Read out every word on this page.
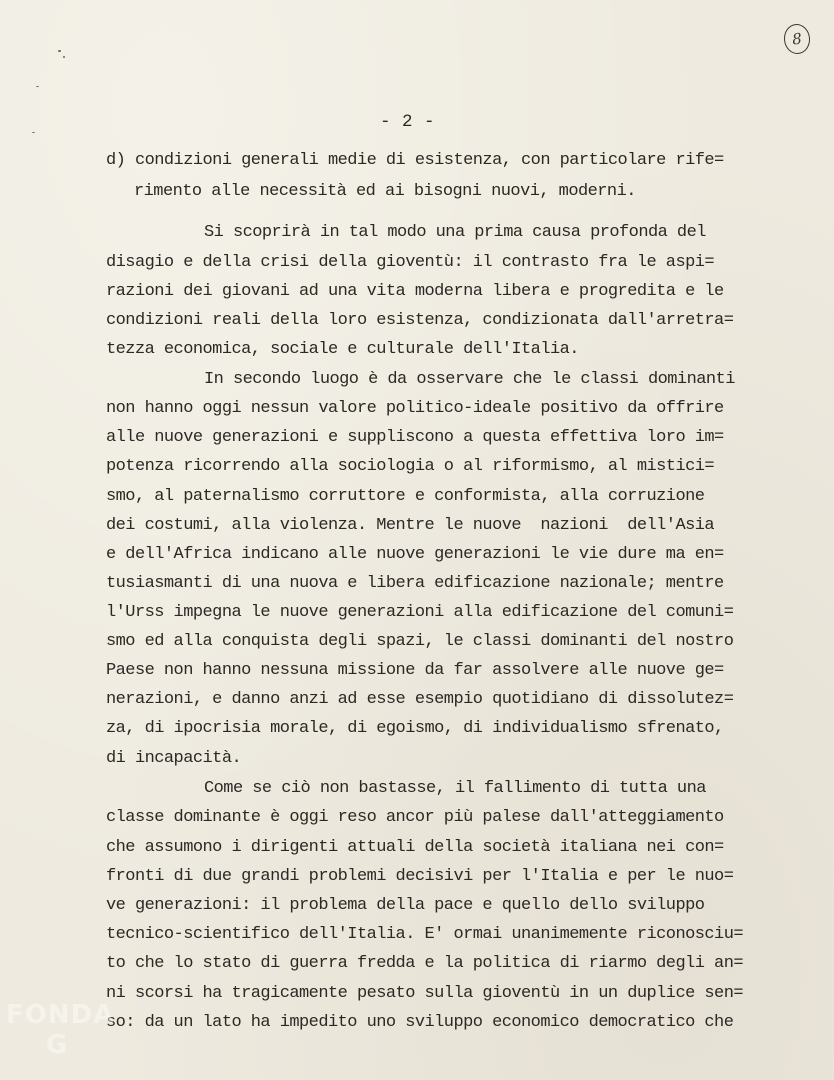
8
- 2 -
d) condizioni generali medie di esistenza, con particolare rife=
rimento alle necessità ed ai bisogni nuovi, moderni.
Si scoprirà in tal modo una prima causa profonda del
disagio e della crisi della gioventù: il contrasto fra le aspi=
razioni dei giovani ad una vita moderna libera e progredita e le
condizioni reali della loro esistenza, condizionata dall'arretra=
tezza economica, sociale e culturale dell'Italia.
In secondo luogo è da osservare che le classi dominanti
non hanno oggi nessun valore politico-ideale positivo da offrire
alle nuove generazioni e suppliscono a questa effettiva loro im=
potenza ricorrendo alla sociologia o al riformismo, al mistici=
smo, al paternalismo corruttore e conformista, alla corruzione
dei costumi, alla violenza. Mentre le nuove  nazioni  dell'Asia
e dell'Africa indicano alle nuove generazioni le vie dure ma en=
tusiasmanti di una nuova e libera edificazione nazionale; mentre
l'Urss impegna le nuove generazioni alla edificazione del comuni=
smo ed alla conquista degli spazi, le classi dominanti del nostro
Paese non hanno nessuna missione da far assolvere alle nuove ge=
nerazioni, e danno anzi ad esse esempio quotidiano di dissolutez=
za, di ipocrisia morale, di egoismo, di individualismo sfrenato,
di incapacità.
Come se ciò non bastasse, il fallimento di tutta una
classe dominante è oggi reso ancor più palese dall'atteggiamento
che assumono i dirigenti attuali della società italiana nei con=
fronti di due grandi problemi decisivi per l'Italia e per le nuo=
ve generazioni: il problema della pace e quello dello sviluppo
tecnico-scientifico dell'Italia. E' ormai unanimemente riconosciu=
to che lo stato di guerra fredda e la politica di riarmo degli an=
ni scorsi ha tragicamente pesato sulla gioventù in un duplice sen=
so: da un lato ha impedito uno sviluppo economico democratico che
FONDA
G
